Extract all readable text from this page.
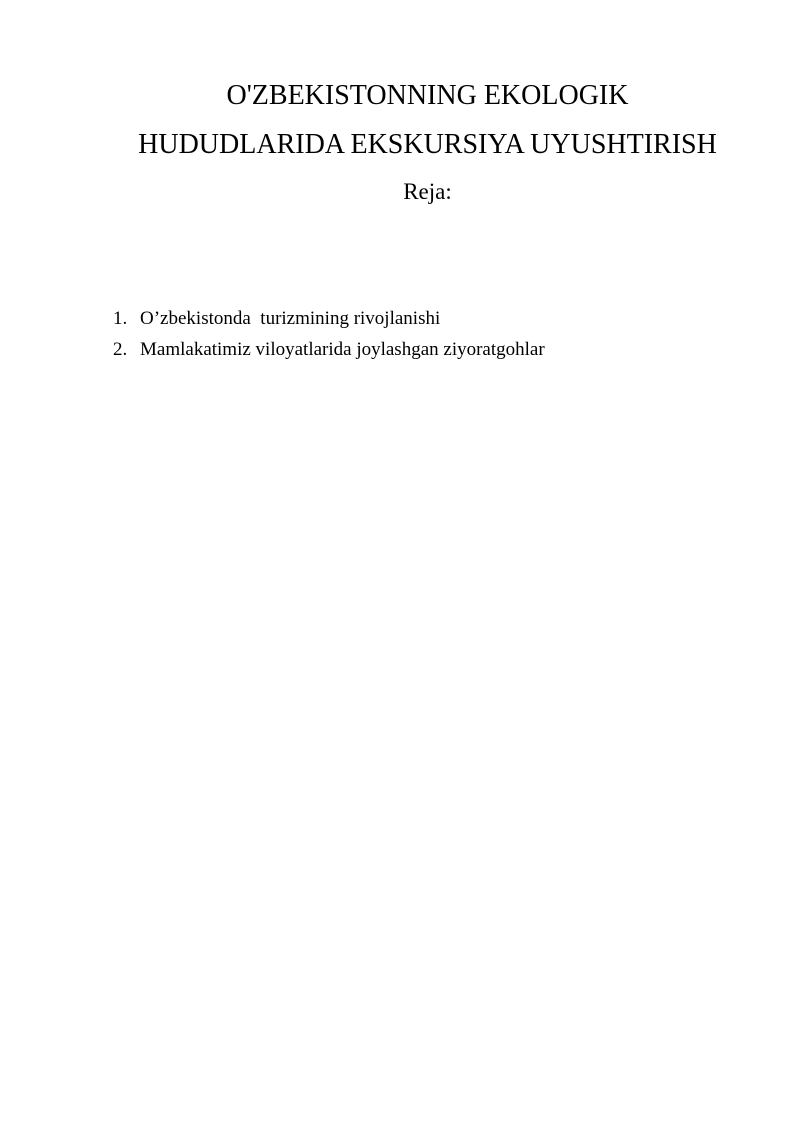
O'ZBEKISTONNING EKOLOGIK
HUDUDLARIDA EKSKURSIYA UYUSHTIRISH

Reja:

1. O’zbekistonda  turizmining rivojlanishi
2. Mamlakatimiz viloyatlarida joylashgan ziyoratgohlar
